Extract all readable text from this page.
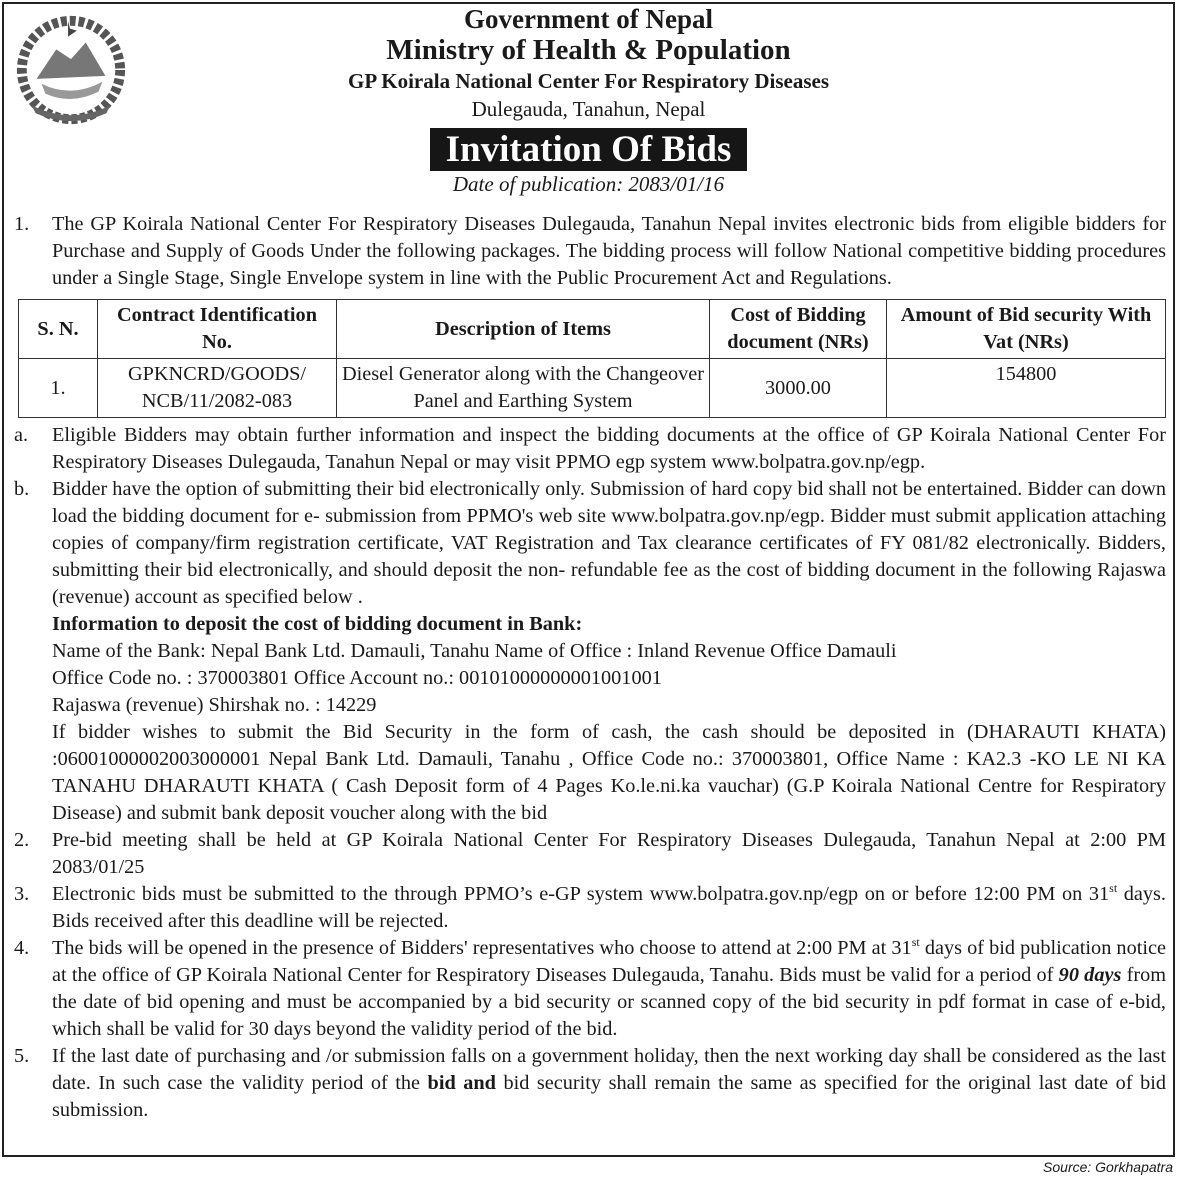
Government of Nepal
Ministry of Health & Population
GP Koirala National Center For Respiratory Diseases
Dulegauda, Tanahun, Nepal
Invitation Of Bids
Date of publication: 2083/01/16
1.	The GP Koirala National Center For Respiratory Diseases Dulegauda, Tanahun Nepal invites electronic bids from eligible bidders for Purchase and Supply of Goods Under the following packages. The bidding process will follow National competitive bidding procedures under a Single Stage, Single Envelope system in line with the Public Procurement Act and Regulations.
S. N.	Contract Identification No.	Description of Items	Cost of Bidding document (NRs)	Amount of Bid security With Vat (NRs)
1.	GPKNCRD/GOODS/ NCB/11/2082-083	Diesel Generator along with the Changeover Panel and Earthing System	3000.00	154800
a.	Eligible Bidders may obtain further information and inspect the bidding documents at the office of GP Koirala National Center For Respiratory Diseases Dulegauda, Tanahun Nepal or may visit PPMO egp system www.bolpatra.gov.np/egp.
b.	Bidder have the option of submitting their bid electronically only. Submission of hard copy bid shall not be entertained. Bidder can down load the bidding document for e- submission from PPMO's web site www.bolpatra.gov.np/egp. Bidder must submit application attaching copies of company/firm registration certificate, VAT Registration and Tax clearance certificates of FY 081/82 electronically. Bidders, submitting their bid electronically, and should deposit the non- refundable fee as the cost of bidding document in the following Rajaswa (revenue) account as specified below .
Information to deposit the cost of bidding document in Bank:
Name of the Bank: Nepal Bank Ltd. Damauli, Tanahu Name of Office : Inland Revenue Office Damauli
Office Code no. : 370003801 Office Account no.: 00101000000001001001
Rajaswa (revenue) Shirshak no. : 14229
If bidder wishes to submit the Bid Security in the form of cash, the cash should be deposited in (DHARAUTI KHATA) :06001000002003000001 Nepal Bank Ltd. Damauli, Tanahu , Office Code no.: 370003801, Office Name : KA2.3 -KO LE NI KA TANAHU DHARAUTI KHATA ( Cash Deposit form of 4 Pages Ko.le.ni.ka vauchar) (G.P Koirala National Centre for Respiratory Disease) and submit bank deposit voucher along with the bid
2.	Pre-bid meeting shall be held at GP Koirala National Center For Respiratory Diseases Dulegauda, Tanahun Nepal at 2:00 PM 2083/01/25
3.	Electronic bids must be submitted to the through PPMO’s e-GP system www.bolpatra.gov.np/egp on or before 12:00 PM on 31st days. Bids received after this deadline will be rejected.
4.	The bids will be opened in the presence of Bidders' representatives who choose to attend at 2:00 PM at 31st days of bid publication notice at the office of GP Koirala National Center for Respiratory Diseases Dulegauda, Tanahu. Bids must be valid for a period of 90 days from the date of bid opening and must be accompanied by a bid security or scanned copy of the bid security in pdf format in case of e-bid, which shall be valid for 30 days beyond the validity period of the bid.
5.	If the last date of purchasing and /or submission falls on a government holiday, then the next working day shall be considered as the last date. In such case the validity period of the bid and bid security shall remain the same as specified for the original last date of bid submission.
Source: Gorkhapatra
